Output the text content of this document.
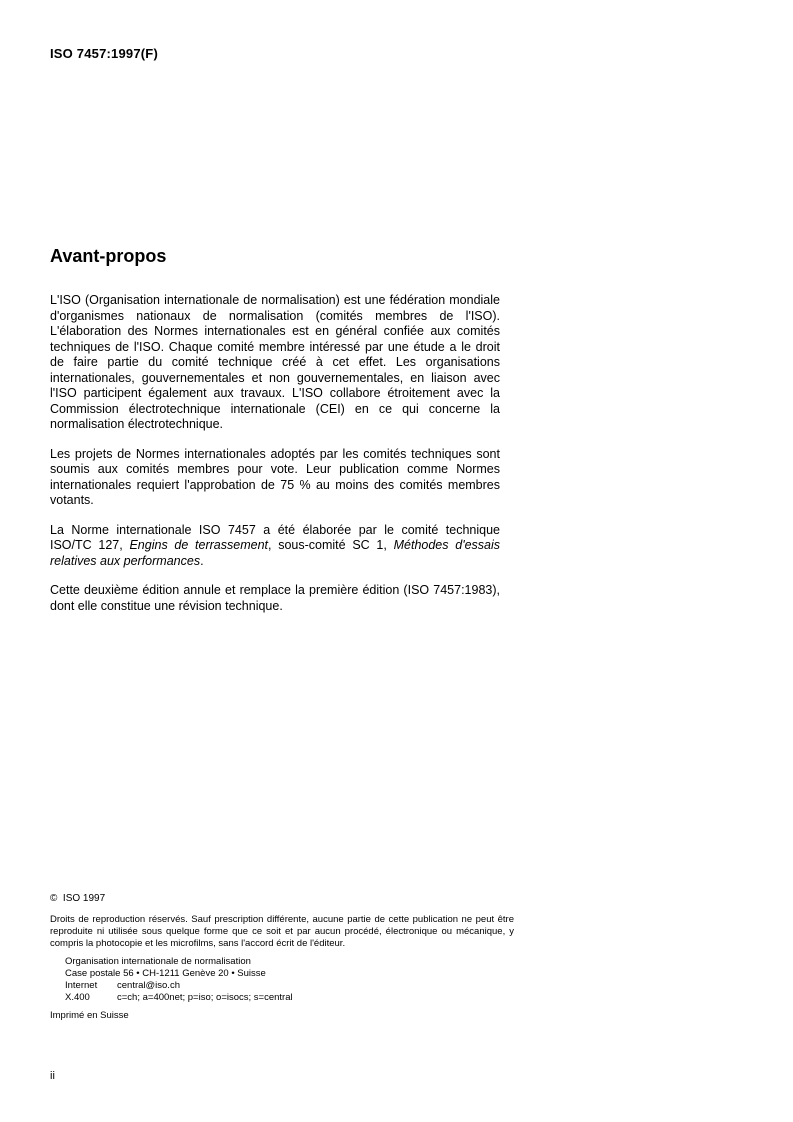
ISO 7457:1997(F)
Avant-propos

L'ISO (Organisation internationale de normalisation) est une fédération mondiale d'organismes nationaux de normalisation (comités membres de l'ISO). L'élaboration des Normes internationales est en général confiée aux comités techniques de l'ISO. Chaque comité membre intéressé par une étude a le droit de faire partie du comité technique créé à cet effet. Les organisations internationales, gouvernementales et non gouvernementales, en liaison avec l'ISO participent également aux travaux. L'ISO collabore étroitement avec la Commission électrotechnique internationale (CEI) en ce qui concerne la normalisation électrotechnique.

Les projets de Normes internationales adoptés par les comités techniques sont soumis aux comités membres pour vote. Leur publication comme Normes internationales requiert l'approbation de 75 % au moins des comités membres votants.

La Norme internationale ISO 7457 a été élaborée par le comité technique ISO/TC 127, Engins de terrassement, sous-comité SC 1, Méthodes d'essais relatives aux performances.

Cette deuxième édition annule et remplace la première édition (ISO 7457:1983), dont elle constitue une révision technique.

©  ISO 1997
Droits de reproduction réservés. Sauf prescription différente, aucune partie de cette publication ne peut être reproduite ni utilisée sous quelque forme que ce soit et par aucun procédé, électronique ou mécanique, y compris la photocopie et les microfilms, sans l'accord écrit de l'éditeur.
Organisation internationale de normalisation
Case postale 56 • CH-1211 Genève 20 • Suisse
Internet central@iso.ch
X.400	c=ch; a=400net; p=iso; o=isocs; s=central
Imprimé en Suisse
ii
